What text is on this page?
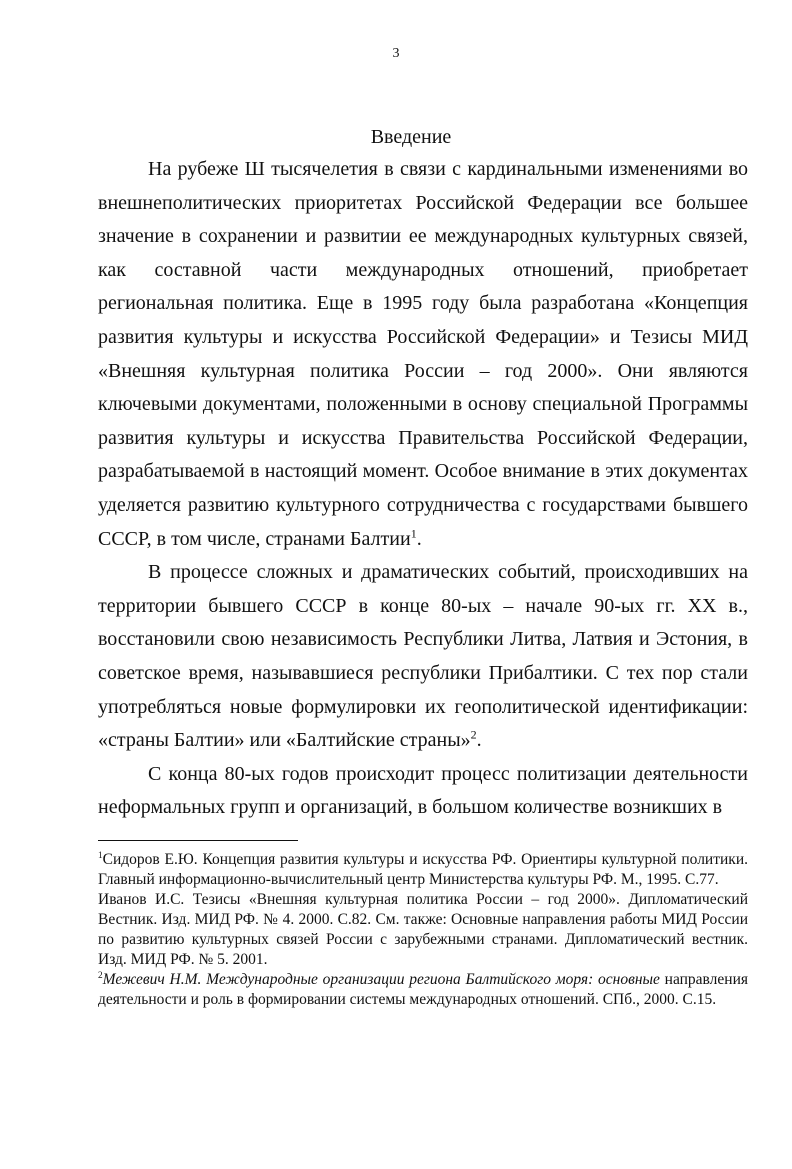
3
Введение

На рубеже Ш тысячелетия в связи с кардинальными изменениями во внешнеполитических приоритетах Российской Федерации все большее значение в сохранении и развитии ее международных культурных связей, как составной части международных отношений, приобретает региональная политика. Еще в 1995 году была разработана «Концепция развития культуры и искусства Российской Федерации» и Тезисы МИД «Внешняя культурная политика России – год 2000». Они являются ключевыми документами, положенными в основу специальной Программы развития культуры и искусства Правительства Российской Федерации, разрабатываемой в настоящий момент. Особое внимание в этих документах уделяется развитию культурного сотрудничества с государствами бывшего СССР, в том числе, странами Балтии$^1$.

В процессе сложных и драматических событий, происходивших на территории бывшего СССР в конце 80-ых – начале 90-ых гг. XX в., восстановили свою независимость Республики Литва, Латвия и Эстония, в советское время, называвшиеся республики Прибалтики. С тех пор стали употребляться новые формулировки их геополитической идентификации: «страны Балтии» или «Балтийские страны»$^2$.

С конца 80-ых годов происходит процесс политизации деятельности неформальных групп и организаций, в большом количестве возникших в

$^1$Сидоров Е.Ю. Концепция развития культуры и искусства РФ. Ориентиры культурной политики. Главный информационно-вычислительный центр Министерства культуры РФ. М., 1995. С.77.

Иванов И.С. Тезисы «Внешняя культурная политика России – год 2000». Дипломатический Вестник. Изд. МИД РФ. № 4. 2000. С.82. См. также: Основные направления работы МИД России по развитию культурных связей России с зарубежными странами. Дипломатический вестник. Изд. МИД РФ. № 5. 2001.

$^2$Межевич Н.М. Международные организации региона Балтийского моря: основные направления деятельности и роль в формировании системы международных отношений. СПб., 2000. С.15.
